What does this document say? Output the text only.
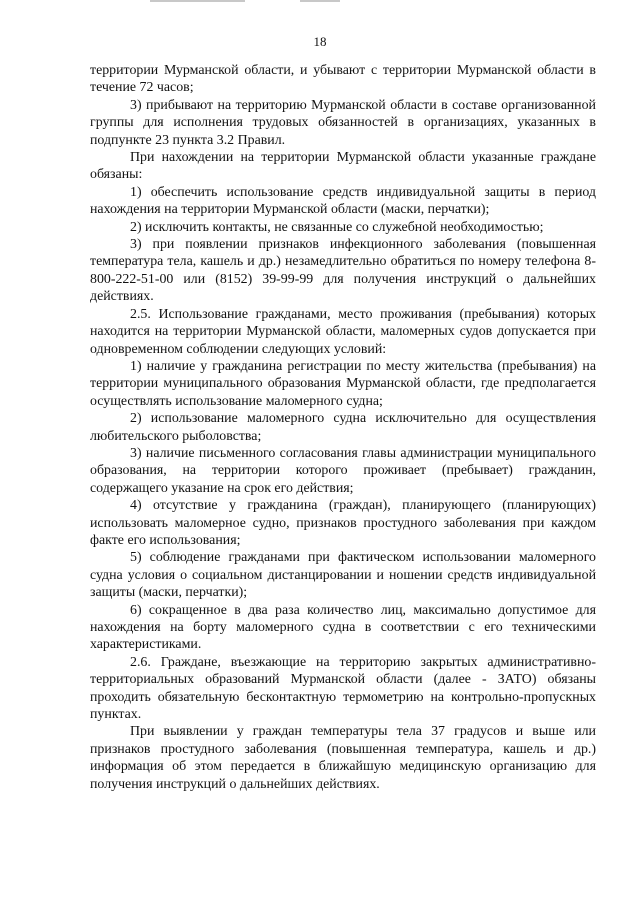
18

территории Мурманской области, и убывают с территории Мурманской области в течение 72 часов;

3) прибывают на территорию Мурманской области в составе организованной группы для исполнения трудовых обязанностей в организациях, указанных в подпункте 23 пункта 3.2 Правил.

При нахождении на территории Мурманской области указанные граждане обязаны:

1) обеспечить использование средств индивидуальной защиты в период нахождения на территории Мурманской области (маски, перчатки);

2) исключить контакты, не связанные со служебной необходимостью;

3) при появлении признаков инфекционного заболевания (повышенная температура тела, кашель и др.) незамедлительно обратиться по номеру телефона 8-800-222-51-00 или (8152) 39-99-99 для получения инструкций о дальнейших действиях.

2.5. Использование гражданами, место проживания (пребывания) которых находится на территории Мурманской области, маломерных судов допускается при одновременном соблюдении следующих условий:

1) наличие у гражданина регистрации по месту жительства (пребывания) на территории муниципального образования Мурманской области, где предполагается осуществлять использование маломерного судна;

2) использование маломерного судна исключительно для осуществления любительского рыболовства;

3) наличие письменного согласования главы администрации муниципального образования, на территории которого проживает (пребывает) гражданин, содержащего указание на срок его действия;

4) отсутствие у гражданина (граждан), планирующего (планирующих) использовать маломерное судно, признаков простудного заболевания при каждом факте его использования;

5) соблюдение гражданами при фактическом использовании маломерного судна условия о социальном дистанцировании и ношении средств индивидуальной защиты (маски, перчатки);

6) сокращенное в два раза количество лиц, максимально допустимое для нахождения на борту маломерного судна в соответствии с его техническими характеристиками.

2.6. Граждане, въезжающие на территорию закрытых административно-территориальных образований Мурманской области (далее - ЗАТО) обязаны проходить обязательную бесконтактную термометрию на контрольно-пропускных пунктах.

При выявлении у граждан температуры тела 37 градусов и выше или признаков простудного заболевания (повышенная температура, кашель и др.) информация об этом передается в ближайшую медицинскую организацию для получения инструкций о дальнейших действиях.
